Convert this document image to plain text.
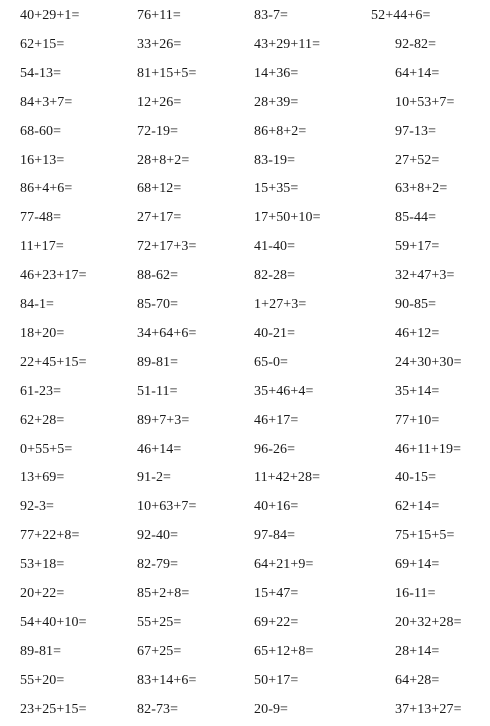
40+29+1=	76+11=	83-7=	52+44+6=
62+15=	33+26=	43+29+11=	92-82=
54-13=	81+15+5=	14+36=	64+14=
84+3+7=	12+26=	28+39=	10+53+7=
68-60=	72-19=	86+8+2=	97-13=
16+13=	28+8+2=	83-19=	27+52=
86+4+6=	68+12=	15+35=	63+8+2=
77-48=	27+17=	17+50+10=	85-44=
11+17=	72+17+3=	41-40=	59+17=
46+23+17=	88-62=	82-28=	32+47+3=
84-1=	85-70=	1+27+3=	90-85=
18+20=	34+64+6=	40-21=	46+12=
22+45+15=	89-81=	65-0=	24+30+30=
61-23=	51-11=	35+46+4=	35+14=
62+28=	89+7+3=	46+17=	77+10=
0+55+5=	46+14=	96-26=	46+11+19=
13+69=	91-2=	11+42+28=	40-15=
92-3=	10+63+7=	40+16=	62+14=
77+22+8=	92-40=	97-84=	75+15+5=
53+18=	82-79=	64+21+9=	69+14=
20+22=	85+2+8=	15+47=	16-11=
54+40+10=	55+25=	69+22=	20+32+28=
89-81=	67+25=	65+12+8=	28+14=
55+20=	83+14+6=	50+17=	64+28=
23+25+15=	82-73=	20-9=	37+13+27=
